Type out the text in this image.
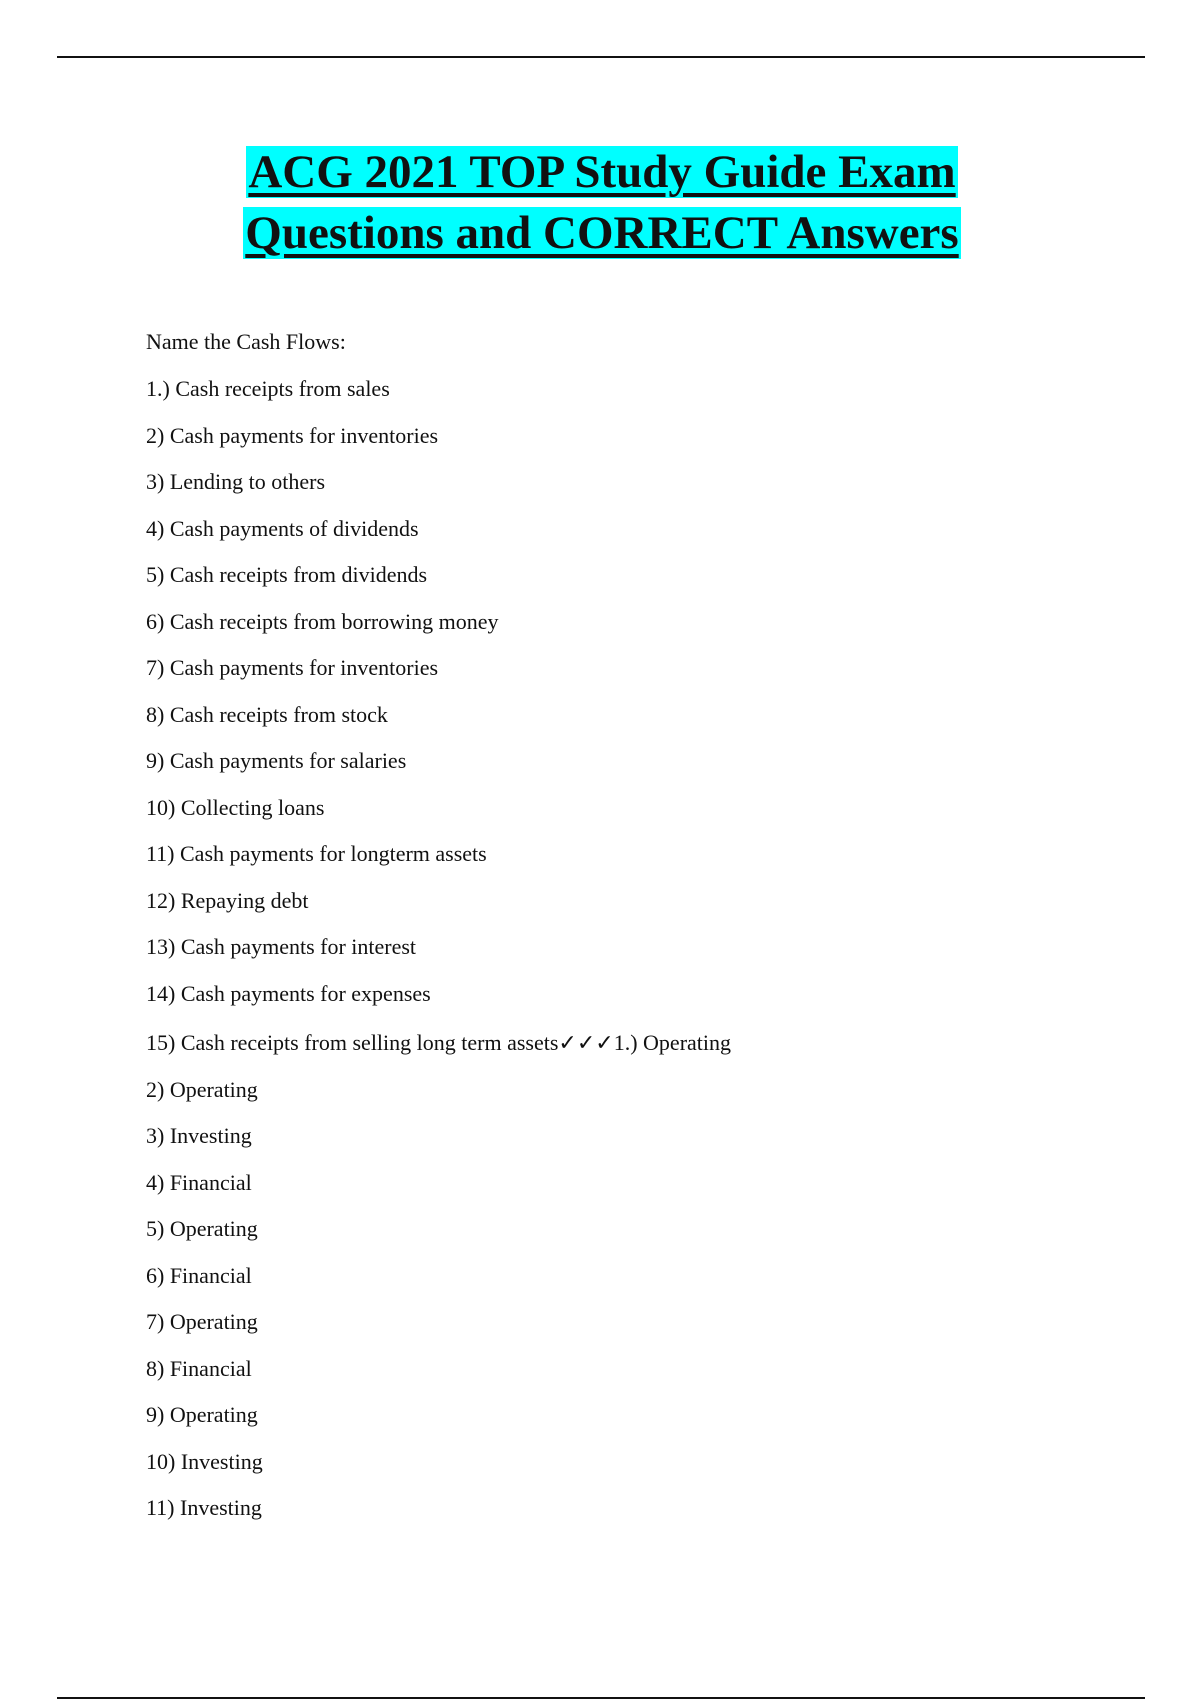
ACG 2021 TOP Study Guide Exam
Questions and CORRECT Answers
Name the Cash Flows:
1.) Cash receipts from sales
2) Cash payments for inventories
3) Lending to others
4) Cash payments of dividends
5) Cash receipts from dividends
6) Cash receipts from borrowing money
7) Cash payments for inventories
8) Cash receipts from stock
9) Cash payments for salaries
10) Collecting loans
11) Cash payments for longterm assets
12) Repaying debt
13) Cash payments for interest
14) Cash payments for expenses
15) Cash receipts from selling long term assets✓✓✓1.) Operating
2) Operating
3) Investing
4) Financial
5) Operating
6) Financial
7) Operating
8) Financial
9) Operating
10) Investing
11) Investing
